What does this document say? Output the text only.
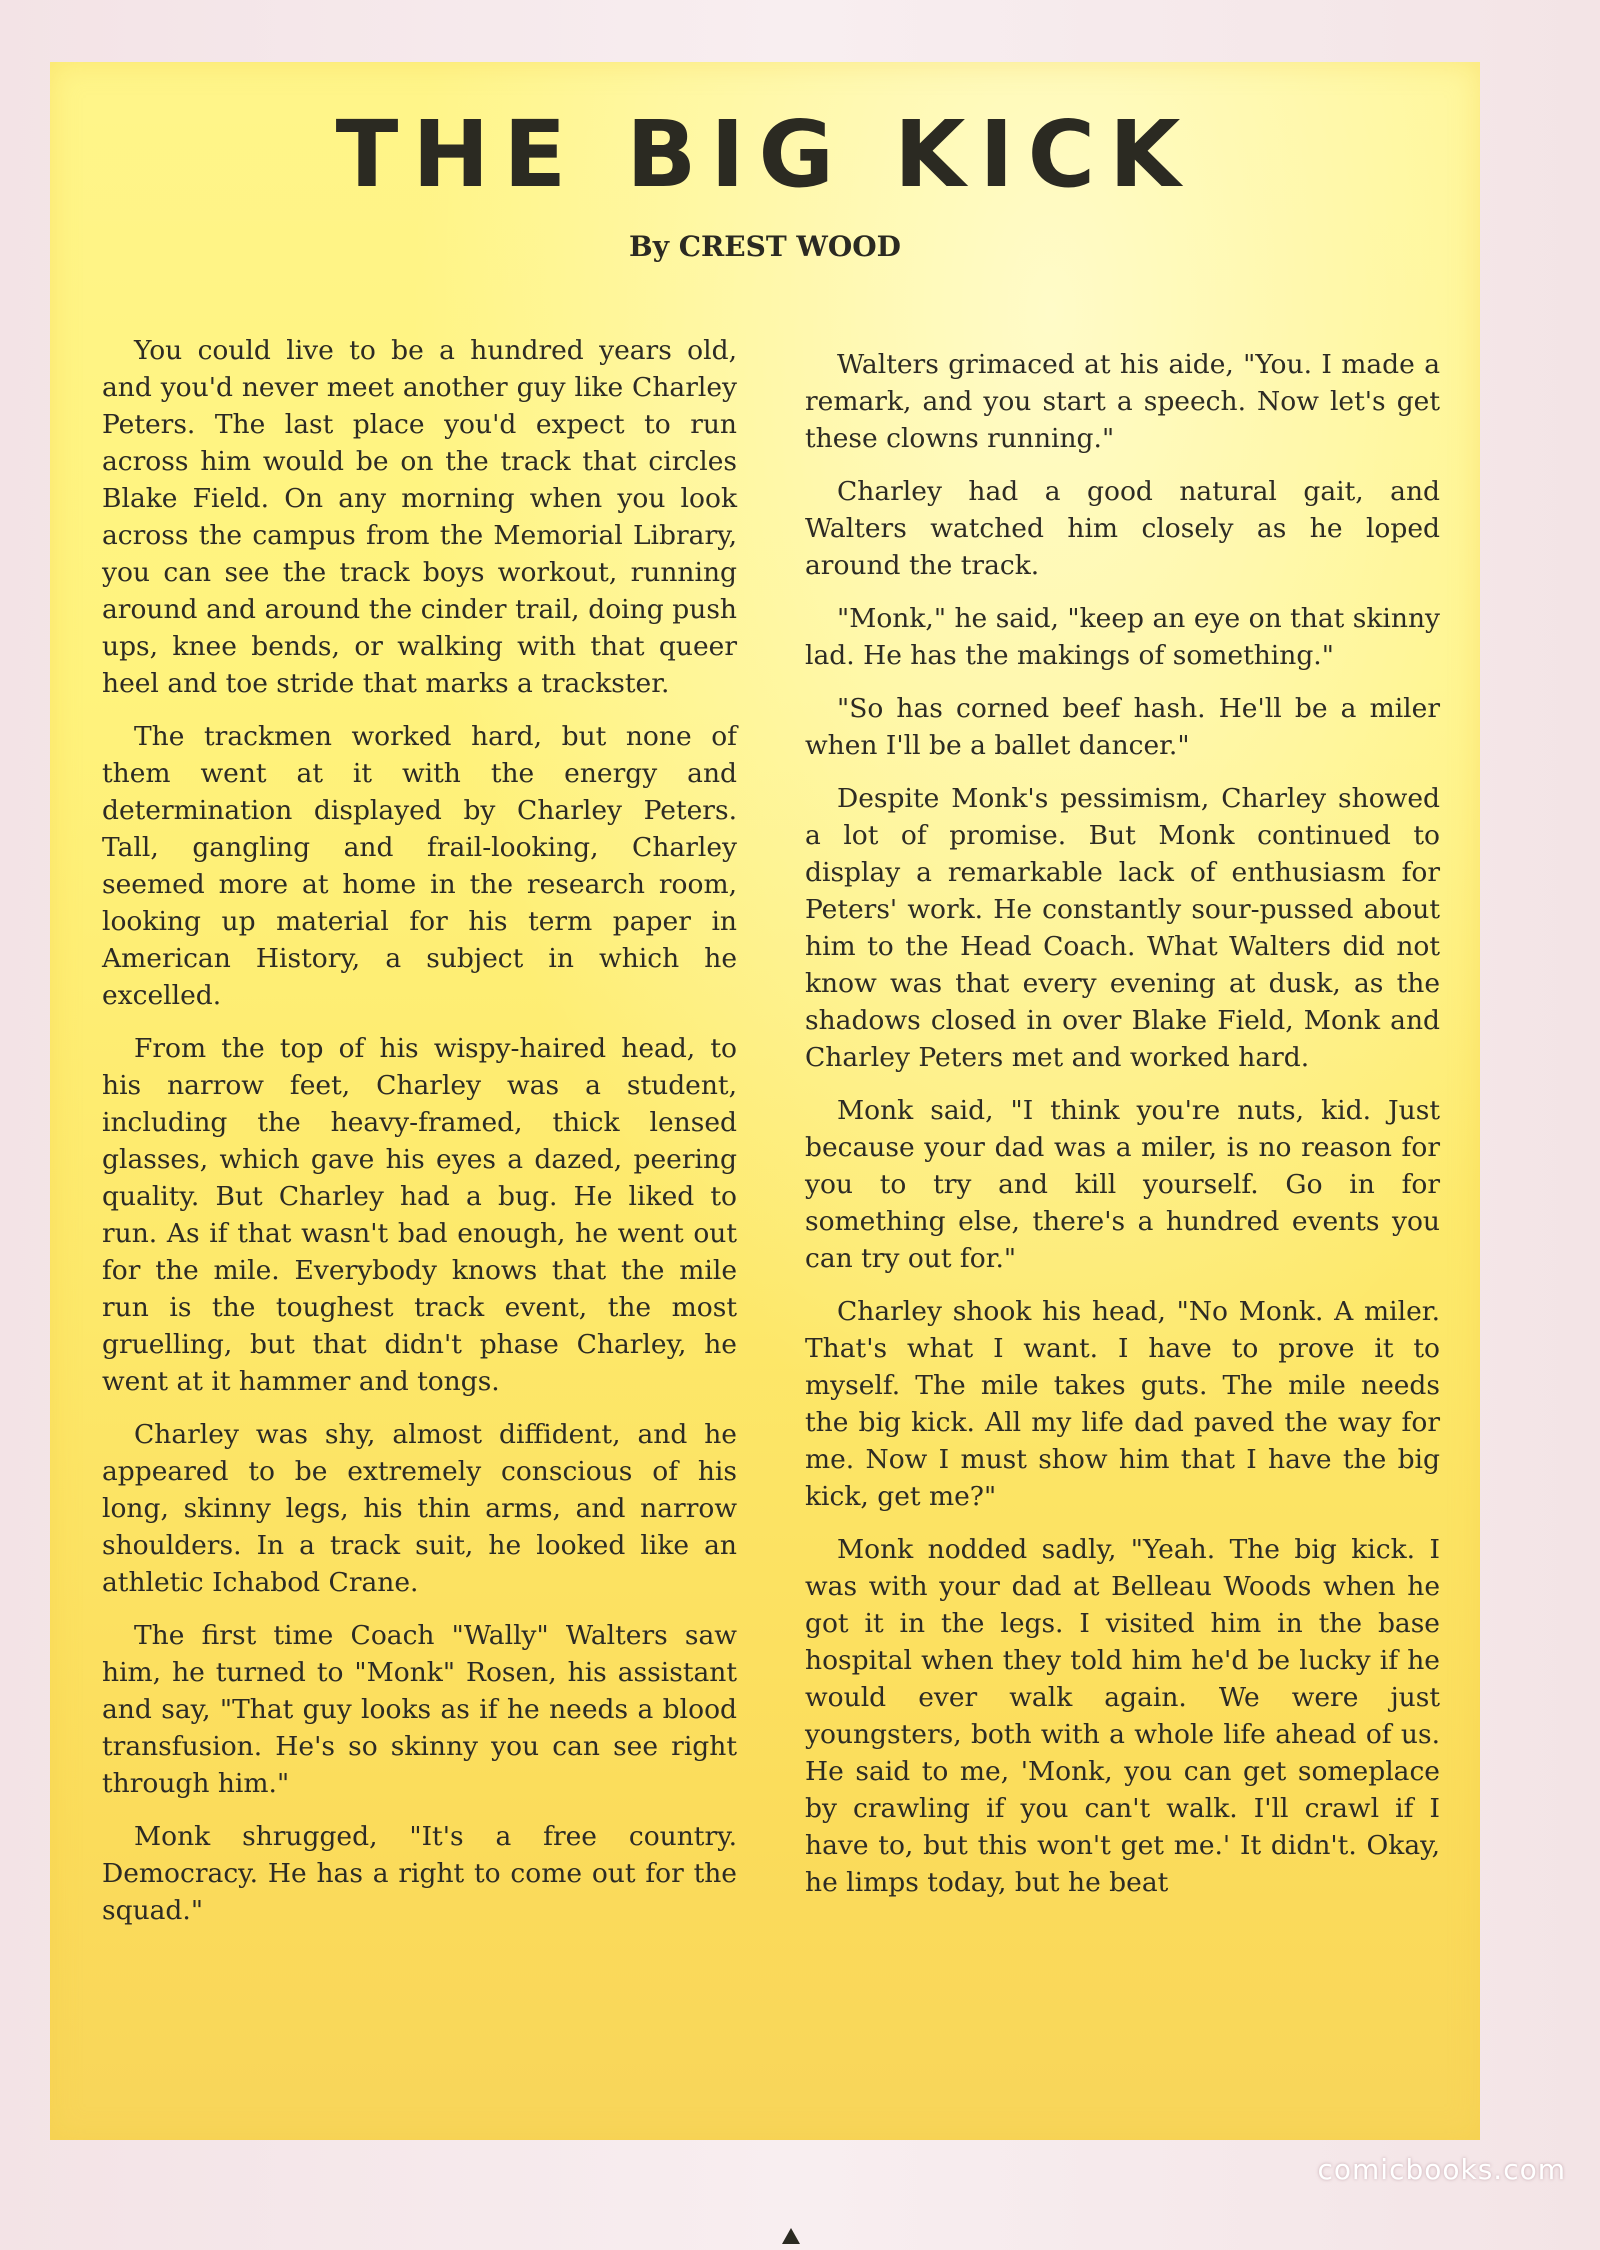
THE BIG KICK
By CREST WOOD

You could live to be a hundred years old, and you'd never meet another guy like Charley Peters. The last place you'd expect to run across him would be on the track that circles Blake Field. On any morning when you look across the campus from the Memorial Library, you can see the track boys workout, running around and around the cinder trail, doing push ups, knee bends, or walking with that queer heel and toe stride that marks a trackster.

The trackmen worked hard, but none of them went at it with the energy and determination displayed by Charley Peters. Tall, gangling and frail-looking, Charley seemed more at home in the research room, looking up material for his term paper in American History, a subject in which he excelled.

From the top of his wispy-haired head, to his narrow feet, Charley was a student, including the heavy-framed, thick lensed glasses, which gave his eyes a dazed, peering quality. But Charley had a bug. He liked to run. As if that wasn't bad enough, he went out for the mile. Everybody knows that the mile run is the toughest track event, the most gruelling, but that didn't phase Charley, he went at it hammer and tongs.

Charley was shy, almost diffident, and he appeared to be extremely conscious of his long, skinny legs, his thin arms, and narrow shoulders. In a track suit, he looked like an athletic Ichabod Crane.

The first time Coach "Wally" Walters saw him, he turned to "Monk" Rosen, his assistant and say, "That guy looks as if he needs a blood transfusion. He's so skinny you can see right through him."

Monk shrugged, "It's a free country. Democracy. He has a right to come out for the squad."

Walters grimaced at his aide, "You. I made a remark, and you start a speech. Now let's get these clowns running."

Charley had a good natural gait, and Walters watched him closely as he loped around the track.

"Monk," he said, "keep an eye on that skinny lad. He has the makings of something."

"So has corned beef hash. He'll be a miler when I'll be a ballet dancer."

Despite Monk's pessimism, Charley showed a lot of promise. But Monk continued to display a remarkable lack of enthusiasm for Peters' work. He constantly sour-pussed about him to the Head Coach. What Walters did not know was that every evening at dusk, as the shadows closed in over Blake Field, Monk and Charley Peters met and worked hard.

Monk said, "I think you're nuts, kid. Just because your dad was a miler, is no reason for you to try and kill yourself. Go in for something else, there's a hundred events you can try out for."

Charley shook his head, "No Monk. A miler. That's what I want. I have to prove it to myself. The mile takes guts. The mile needs the big kick. All my life dad paved the way for me. Now I must show him that I have the big kick, get me?"

Monk nodded sadly, "Yeah. The big kick. I was with your dad at Belleau Woods when he got it in the legs. I visited him in the base hospital when they told him he'd be lucky if he would ever walk again. We were just youngsters, both with a whole life ahead of us. He said to me, 'Monk, you can get someplace by crawling if you can't walk. I'll crawl if I have to, but this won't get me.' It didn't. Okay, he limps today, but he beat

comicbooks.com
